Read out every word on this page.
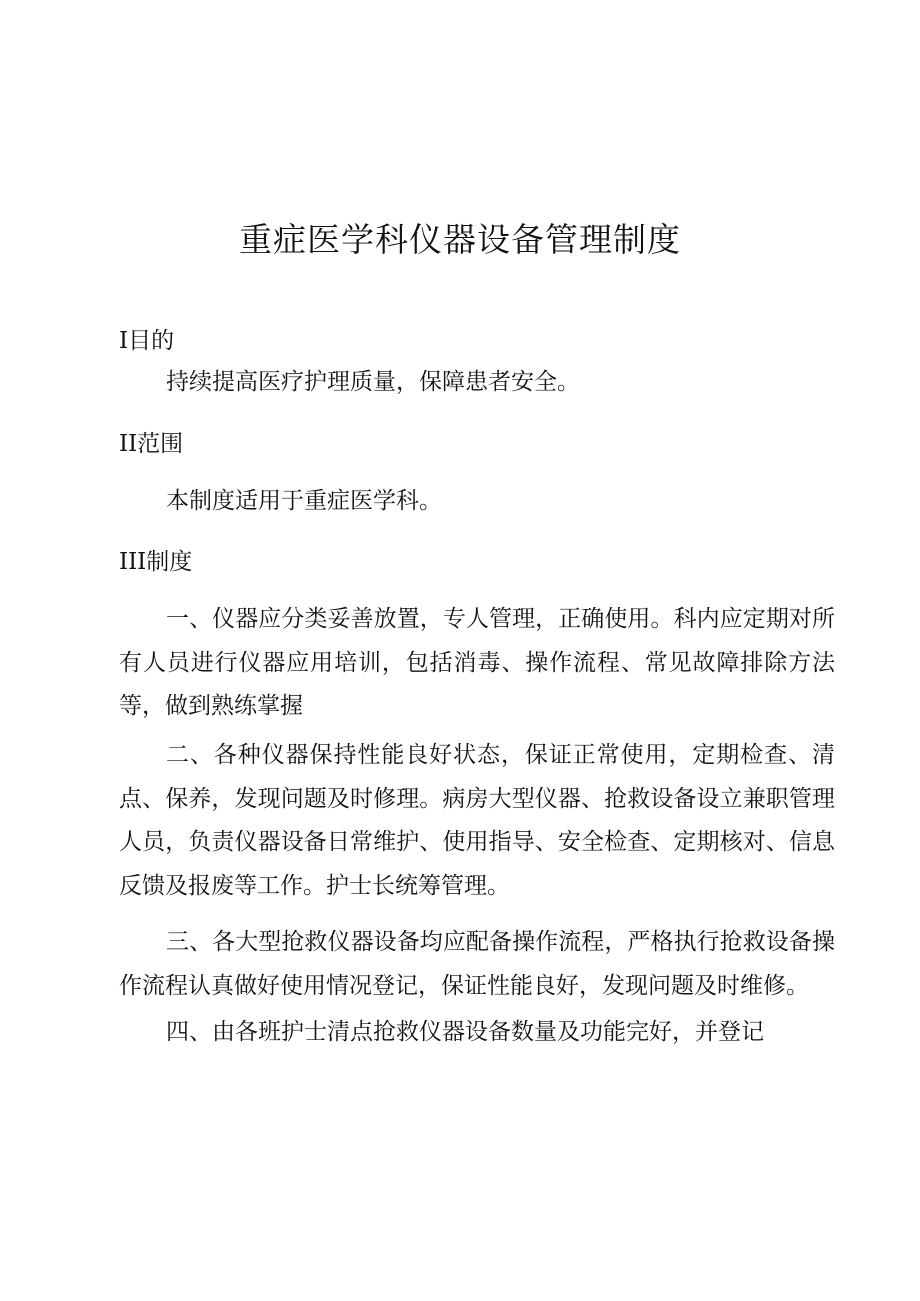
重症医学科仪器设备管理制度

I目的

持续提高医疗护理质量，保障患者安全。

II范围

本制度适用于重症医学科。

III制度

一、仪器应分类妥善放置，专人管理，正确使用。科内应定期对所有人员进行仪器应用培训，包括消毒、操作流程、常见故障排除方法等，做到熟练掌握

二、各种仪器保持性能良好状态，保证正常使用，定期检查、清点、保养，发现问题及时修理。病房大型仪器、抢救设备设立兼职管理人员，负责仪器设备日常维护、使用指导、安全检查、定期核对、信息反馈及报废等工作。护士长统筹管理。

三、各大型抢救仪器设备均应配备操作流程，严格执行抢救设备操作流程认真做好使用情况登记，保证性能良好，发现问题及时维修。

四、由各班护士清点抢救仪器设备数量及功能完好，并登记
